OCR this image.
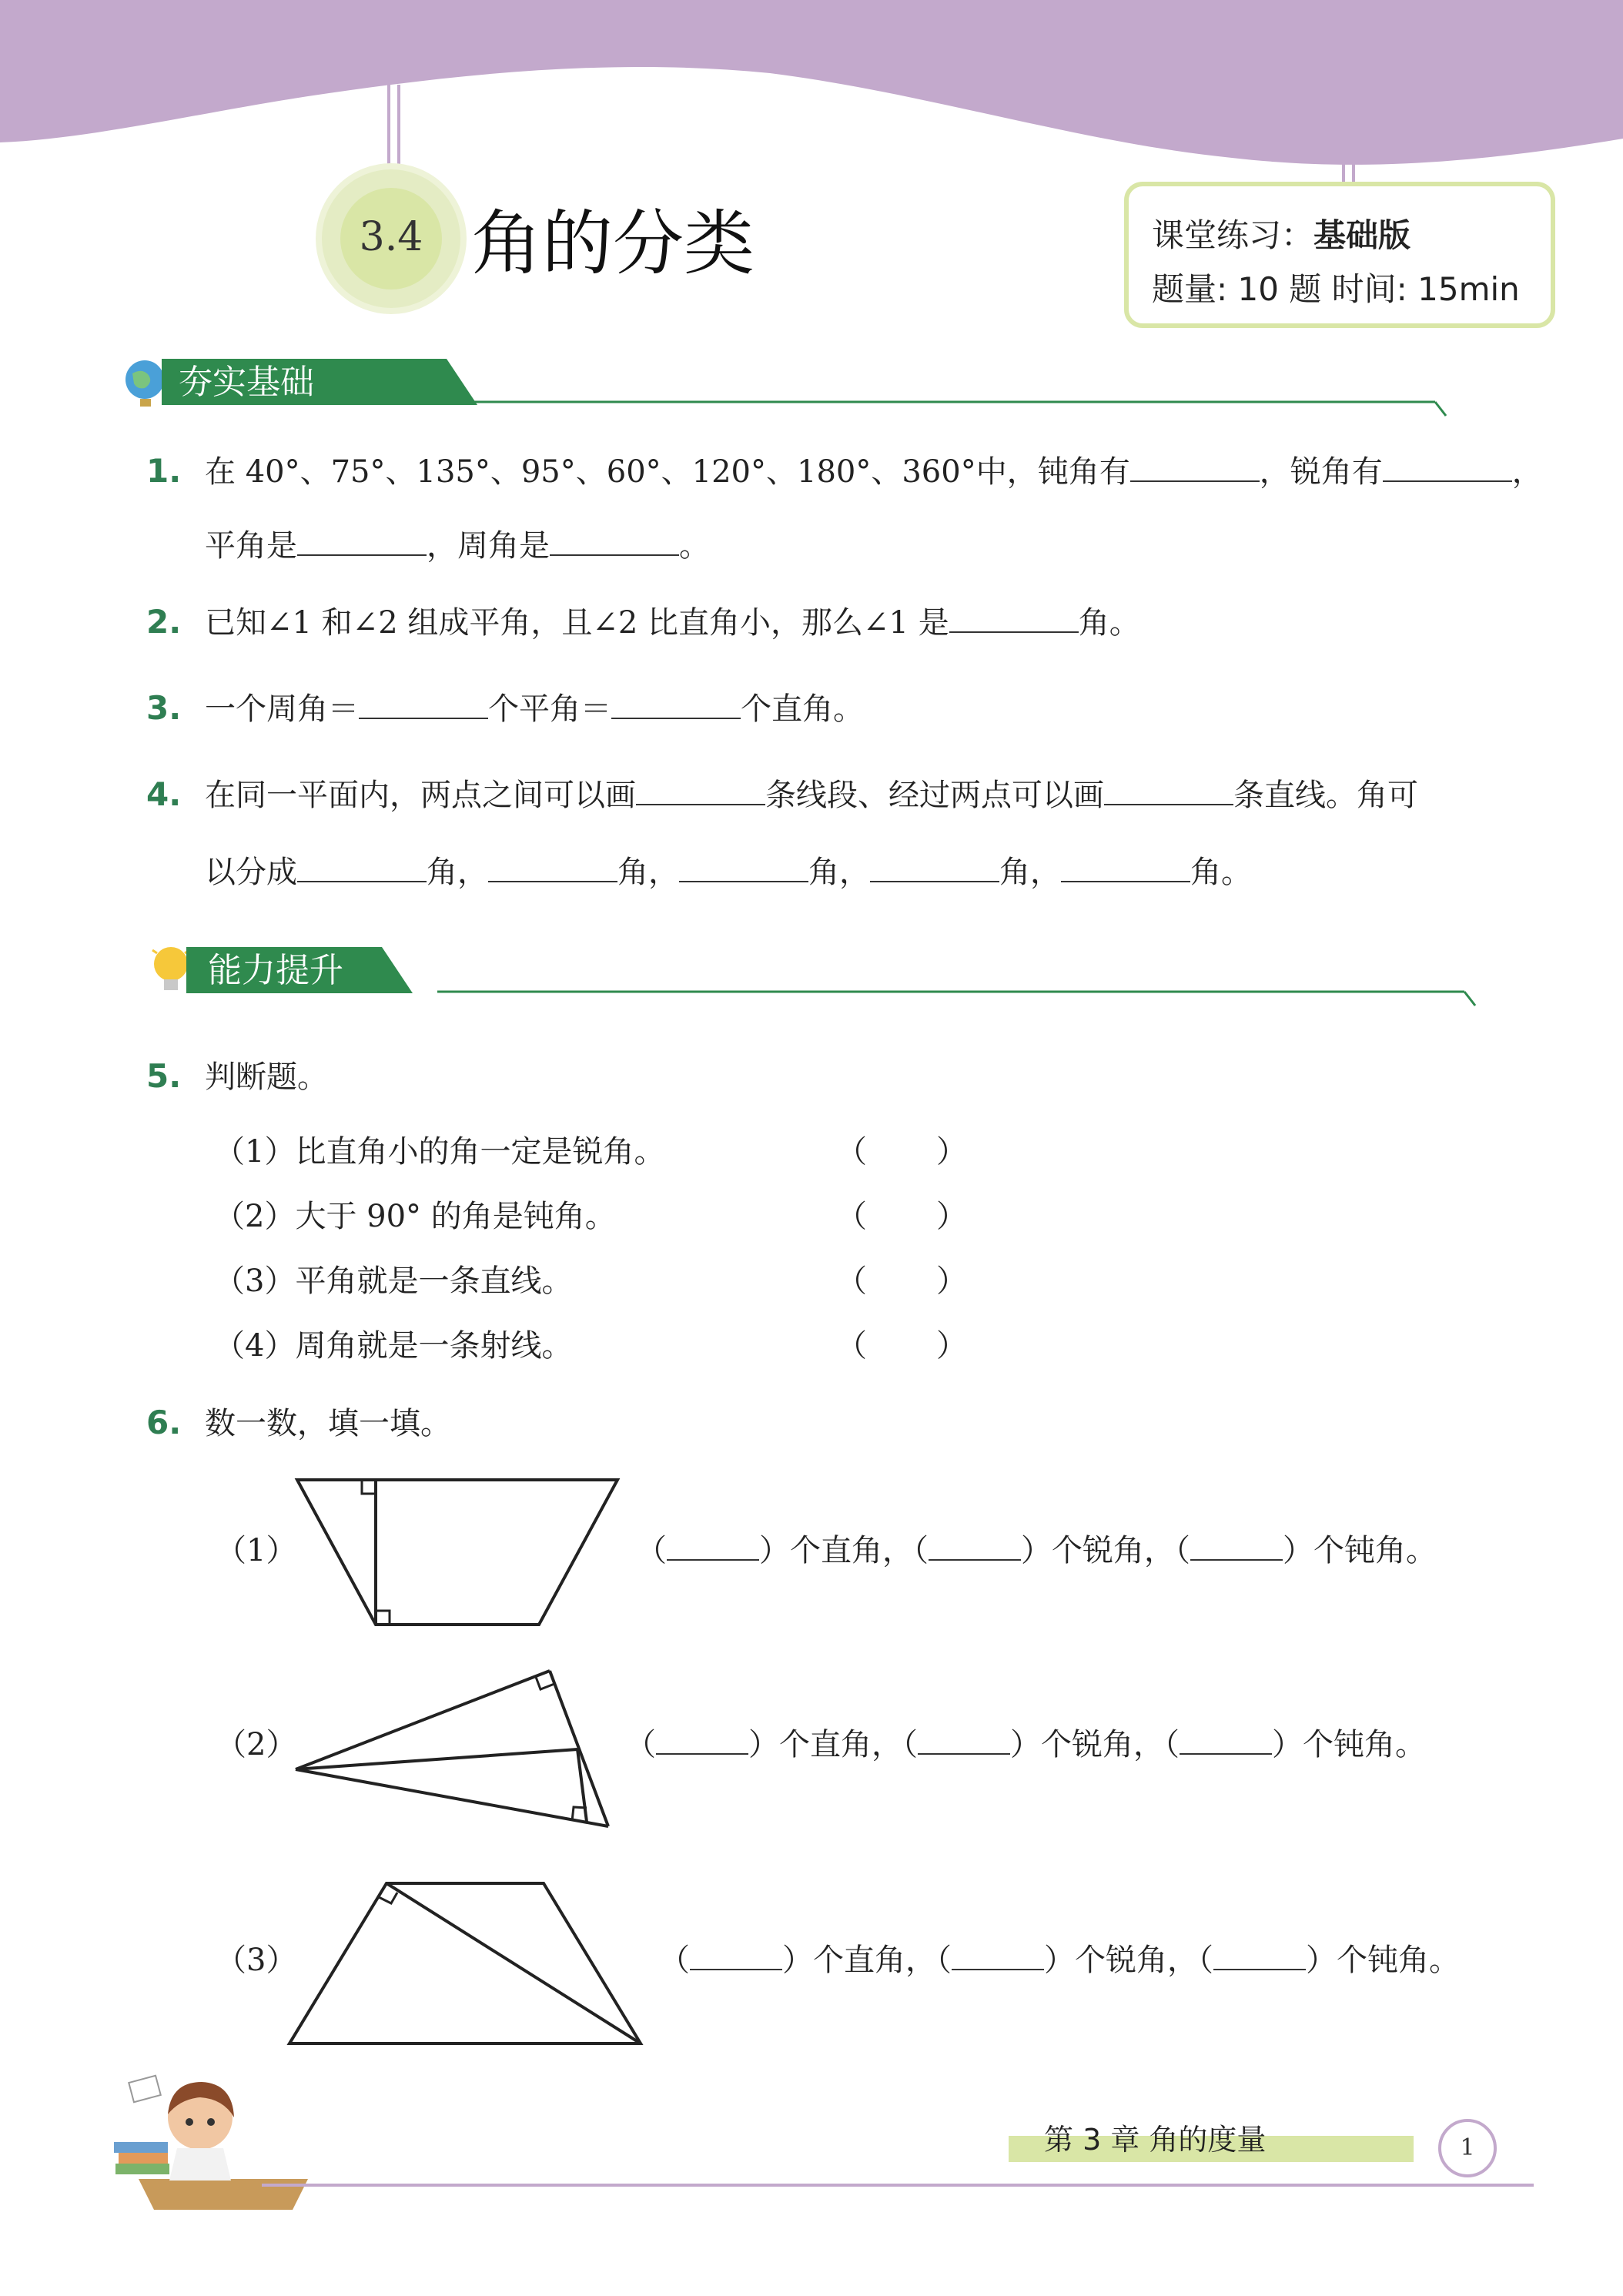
3.4 角的分类	课堂练习：基础版
题量: 10 题 时间: 15min
夯实基础
1. 在 40°、75°、135°、95°、60°、120°、180°、360°中，钝角有	，锐角有	，
平角是	，周角是	。
2. 已知∠1 和∠2 组成平角，且∠2 比直角小，那么∠1 是	角。
3. 一个周角＝	个平角＝	个直角。
4. 在同一平面内，两点之间可以画	条线段、经过两点可以画	条直线。角可
以分成	角，	角，	角，	角，	角。
能力提升
5. 判断题。
（1）比直角小的角一定是锐角。
（2）大于 90° 的角是钝角。
（3）平角就是一条直线。
（4）周角就是一条射线。
（ ）
（ ）
（ ）
（ ）
6. 数一数，填一填。
（1）	（	）个直角，（	）个锐角，（	）个钝角。
（2）	（	）个直角，（	）个锐角，（	）个钝角。
（3）	（	）个直角，（	）个锐角，（	）个钝角。
第 3 章 角的度量	1
